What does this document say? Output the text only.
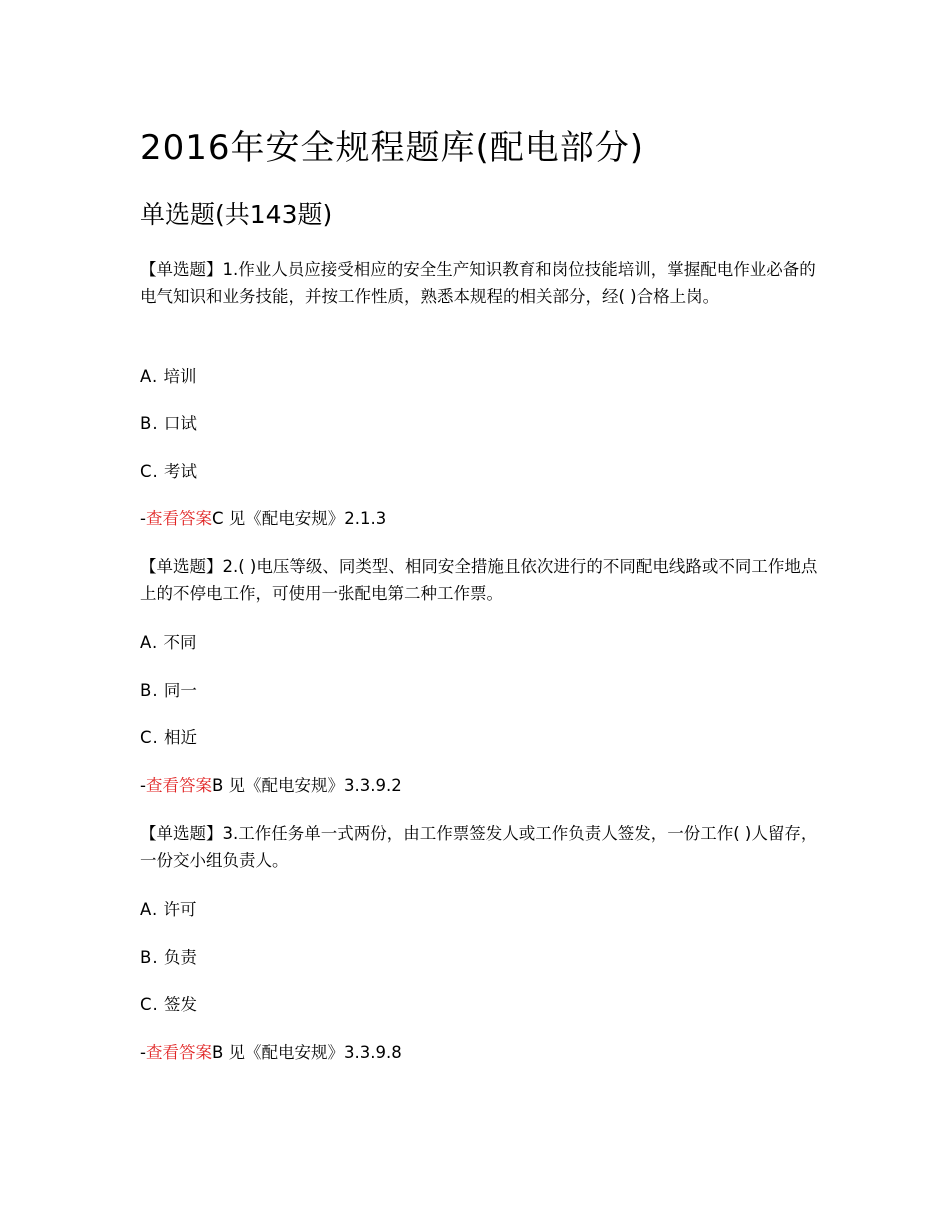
2016年安全规程题库(配电部分)
单选题(共143题)

【单选题】1.作业人员应接受相应的安全生产知识教育和岗位技能培训，掌握配电作业必备的电气知识和业务技能，并按工作性质，熟悉本规程的相关部分，经( )合格上岗。

A. 培训

B. 口试

C. 考试

-查看答案C 见《配电安规》2.1.3

【单选题】2.( )电压等级、同类型、相同安全措施且依次进行的不同配电线路或不同工作地点上的不停电工作，可使用一张配电第二种工作票。

A. 不同

B. 同一

C. 相近

-查看答案B 见《配电安规》3.3.9.2

【单选题】3.工作任务单一式两份，由工作票签发人或工作负责人签发，一份工作( )人留存，一份交小组负责人。

A. 许可

B. 负责

C. 签发

-查看答案B 见《配电安规》3.3.9.8
